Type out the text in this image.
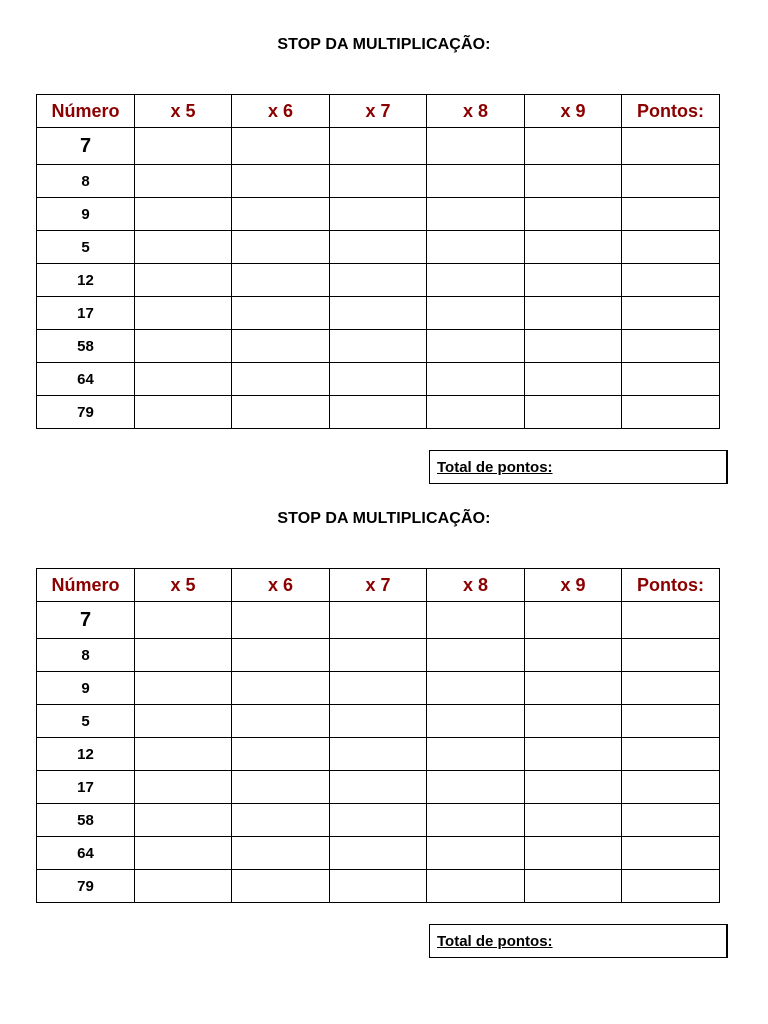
STOP DA MULTIPLICAÇÃO:
Número	x 5	x 6	x 7	x 8	x 9	Pontos:
7						
8						
9						
5						
12						
17						
58						
64						
79						
Total de pontos:
STOP DA MULTIPLICAÇÃO:
Número	x 5	x 6	x 7	x 8	x 9	Pontos:
7						
8						
9						
5						
12						
17						
58						
64						
79						
Total de pontos:
